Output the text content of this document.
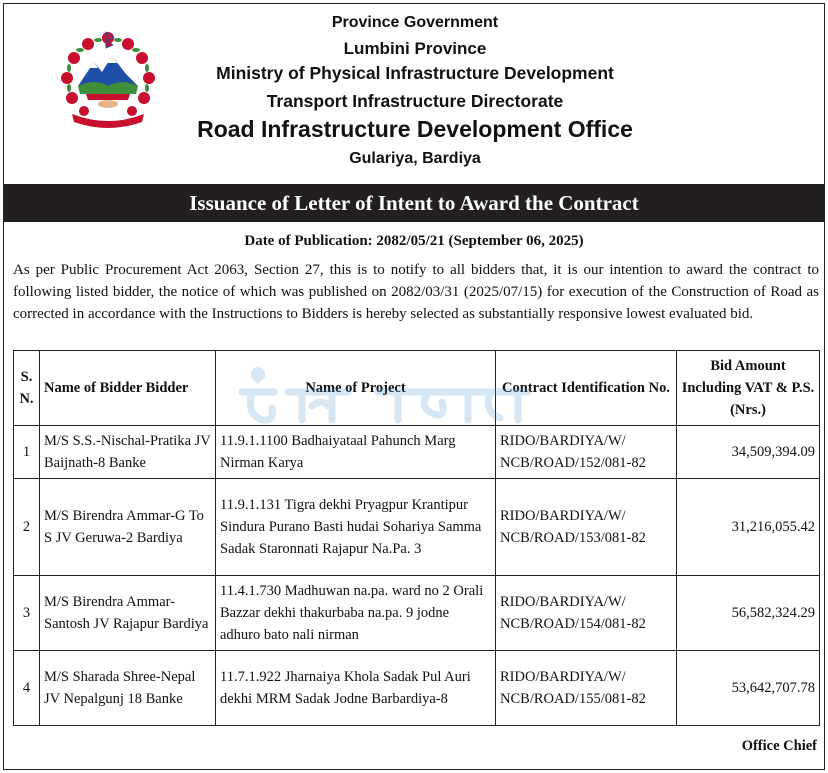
Province Government
Lumbini Province
Ministry of Physical Infrastructure Development
Transport Infrastructure Directorate
Road Infrastructure Development Office
Gulariya, Bardiya
Issuance of Letter of Intent to Award the Contract
Date of Publication: 2082/05/21 (September 06, 2025)

As per Public Procurement Act 2063, Section 27, this is to notify to all bidders that, it is our intention to award the contract to following listed bidder, the notice of which was published on 2082/03/31 (2025/07/15) for execution of the Construction of Road as corrected in accordance with the Instructions to Bidders is hereby selected as substantially responsive lowest evaluated bid.

S. N.	Name of Bidder Bidder	Name of Project	Contract Identification No.	Bid Amount Including VAT & P.S. (Nrs.)
1	M/S S.S.-Nischal-Pratika JV Baijnath-8 Banke	11.9.1.1100 Badhaiyataal Pahunch Marg Nirman Karya	RIDO/BARDIYA/W/ NCB/ROAD/152/081-82	34,509,394.09
2	M/S Birendra Ammar-G To S JV Geruwa-2 Bardiya	11.9.1.131 Tigra dekhi Pryagpur Krantipur Sindura Purano Basti hudai Sohariya Samma Sadak Staronnati Rajapur Na.Pa. 3	RIDO/BARDIYA/W/ NCB/ROAD/153/081-82	31,216,055.42
3	M/S Birendra Ammar-Santosh JV Rajapur Bardiya	11.4.1.730 Madhuwan na.pa. ward no 2 Orali Bazzar dekhi thakurbaba na.pa. 9 jodne adhuro bato nali nirman	RIDO/BARDIYA/W/ NCB/ROAD/154/081-82	56,582,324.29
4	M/S Sharada Shree-Nepal JV Nepalgunj 18 Banke	11.7.1.922 Jharnaiya Khola Sadak Pul Auri dekhi MRM Sadak Jodne Barbardiya-8	RIDO/BARDIYA/W/ NCB/ROAD/155/081-82	53,642,707.78
Office Chief
